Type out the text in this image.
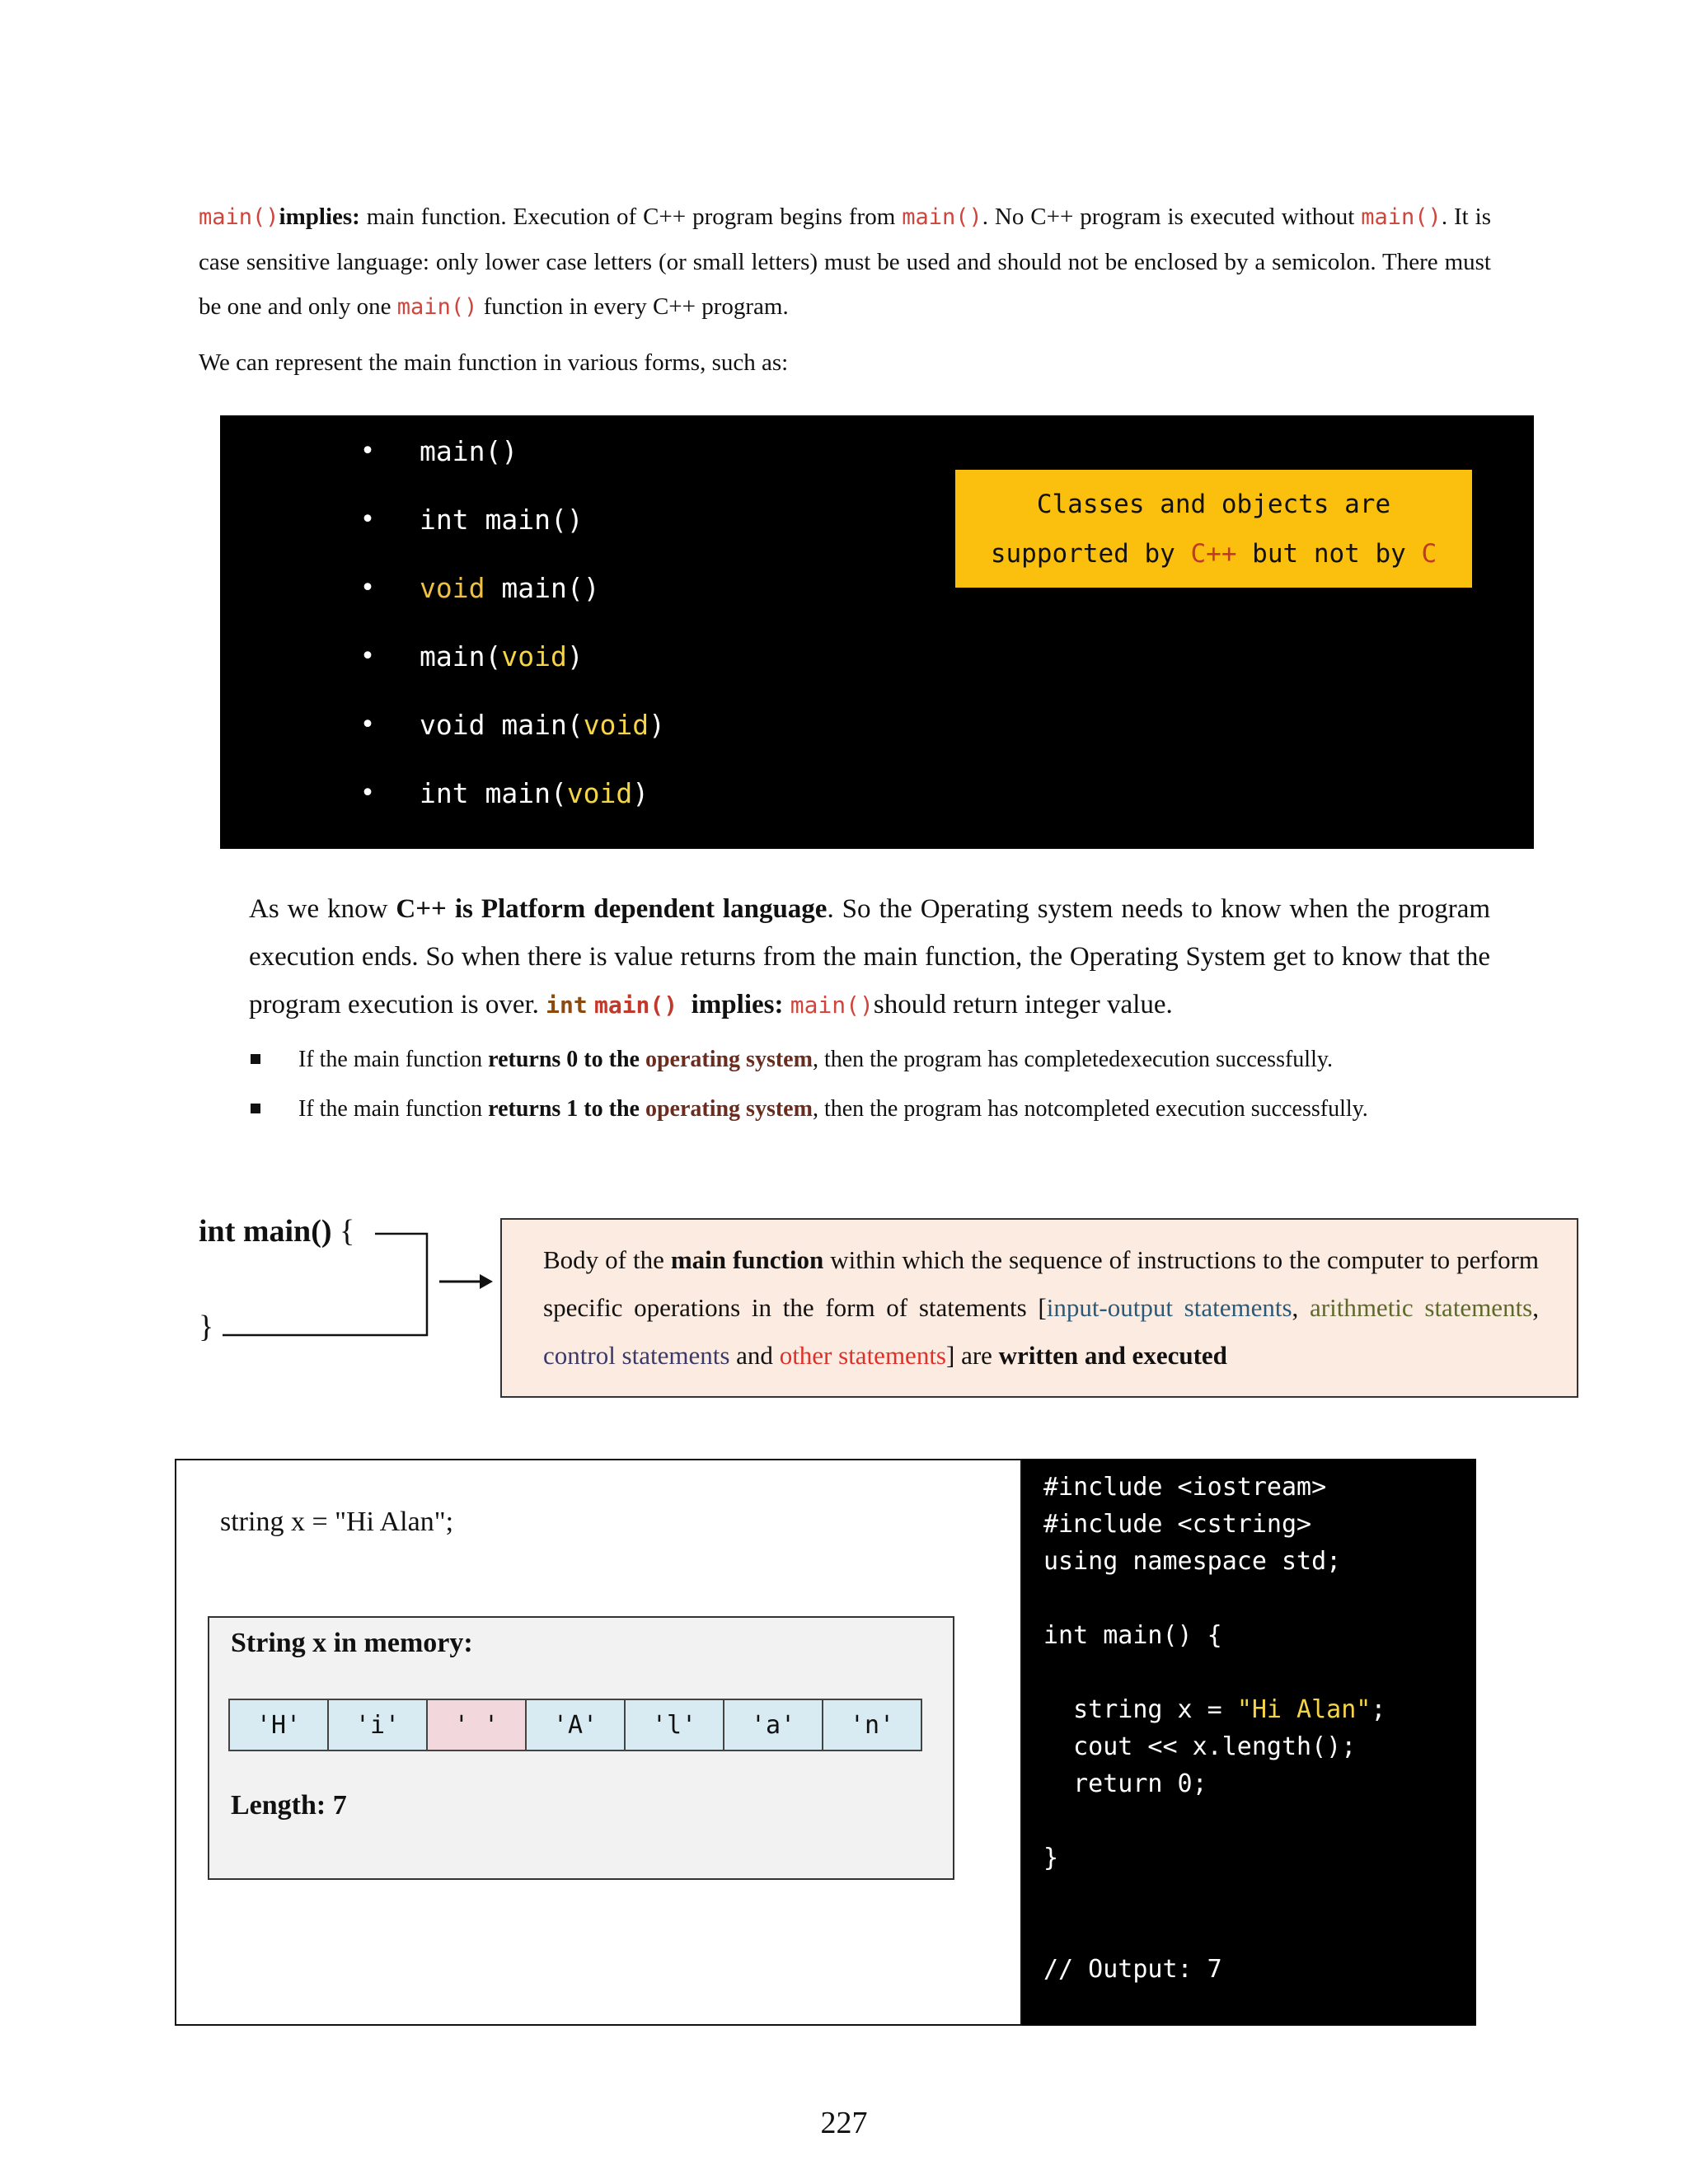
main()implies: main function. Execution of C++ program begins from main(). No C++ program is executed without main(). It is case sensitive language: only lower case letters (or small letters) must be used and should not be enclosed by a semicolon. There must be one and only one main() function in every C++ program.
We can represent the main function in various forms, such as:
• main()
• int main()
• void main()
• main(void)
• void main(void)
• int main(void)
Classes and objects are
supported by C++ but not by C
As we know C++ is Platform dependent language. So the Operating system needs to know when the program execution ends. So when there is value returns from the main function, the Operating System get to know that the program execution is over. int main() implies: main()should return integer value.
If the main function returns 0 to the operating system, then the program has completedexecution successfully.
If the main function returns 1 to the operating system, then the program has notcompleted execution successfully.
int main() {
}
Body of the main function within which the sequence of instructions to the computer to perform specific operations in the form of statements [input-output statements, arithmetic statements, control statements and other statements] are written and executed
string x = "Hi Alan";
String x in memory:
'H'	'i'	' '	'A'	'l'	'a'	'n'
Length: 7
#include <iostream>
#include <cstring>
using namespace std;
int main() {
string x = "Hi Alan";
cout << x.length();
return 0;
}
// Output: 7
227
